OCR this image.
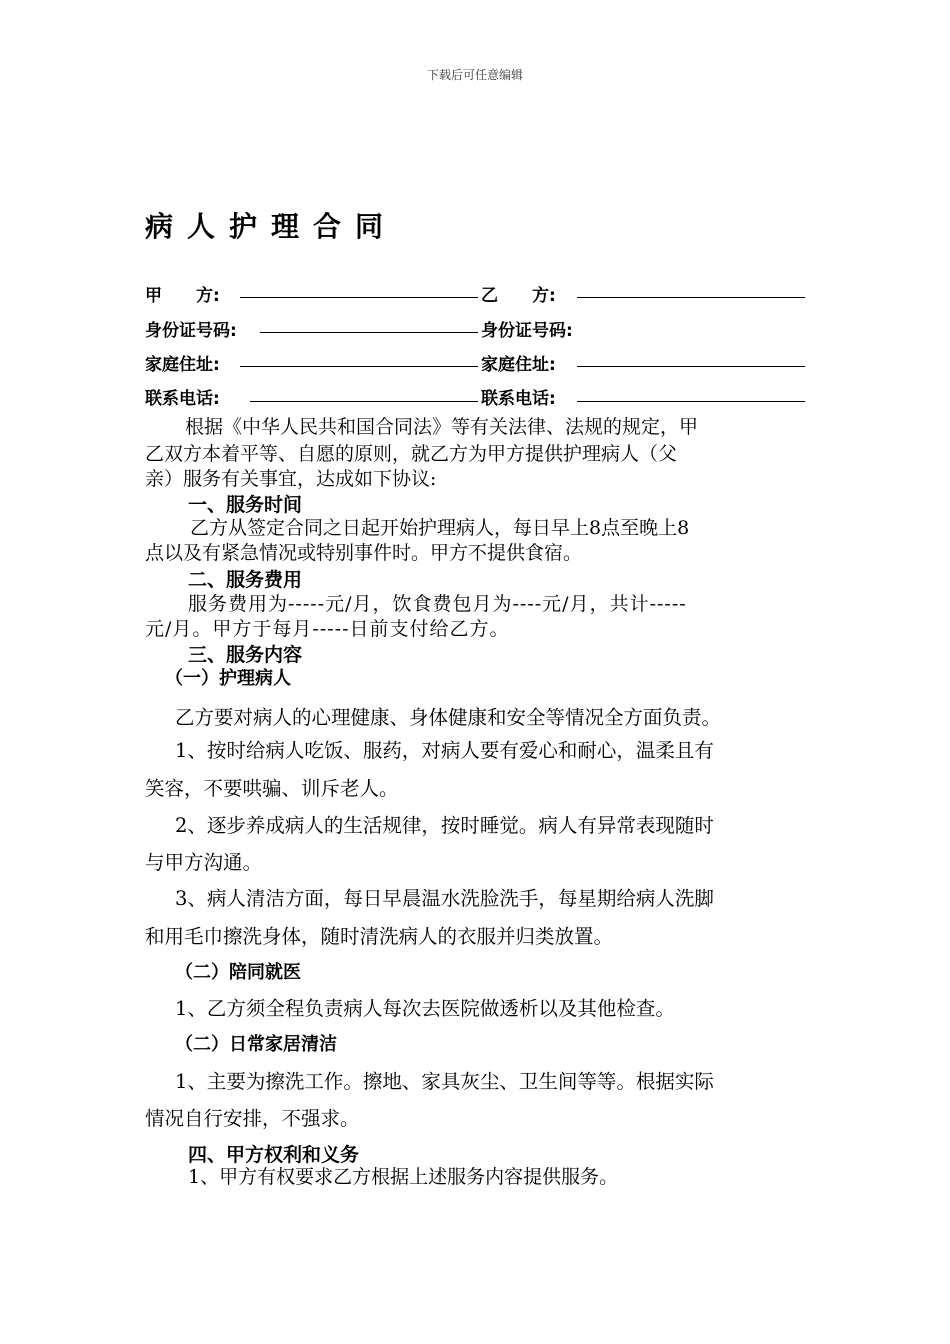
下载后可任意编辑
病人护理合同
甲　　方:	乙　　方:
身份证号码:	身份证号码:
家庭住址:	家庭住址:
联系电话:	联系电话:
根据《中华人民共和国合同法》等有关法律、法规的规定，甲
乙双方本着平等、自愿的原则，就乙方为甲方提供护理病人（父
亲）服务有关事宜，达成如下协议:
一、服务时间
乙方从签定合同之日起开始护理病人，每日早上8点至晚上8
点以及有紧急情况或特别事件时。甲方不提供食宿。
二、服务费用
服务费用为-----元/月，饮食费包月为----元/月，共计-----
元/月。甲方于每月-----日前支付给乙方。
三、服务内容
（一）护理病人
乙方要对病人的心理健康、身体健康和安全等情况全方面负责。
1、按时给病人吃饭、服药，对病人要有爱心和耐心，温柔且有
笑容，不要哄骗、训斥老人。
2、逐步养成病人的生活规律，按时睡觉。病人有异常表现随时
与甲方沟通。
3、病人清洁方面，每日早晨温水洗脸洗手，每星期给病人洗脚
和用毛巾擦洗身体，随时清洗病人的衣服并归类放置。
（二）陪同就医
1、乙方须全程负责病人每次去医院做透析以及其他检查。
（二）日常家居清洁
1、主要为擦洗工作。擦地、家具灰尘、卫生间等等。根据实际
情况自行安排，不强求。
四、甲方权利和义务
1、甲方有权要求乙方根据上述服务内容提供服务。
